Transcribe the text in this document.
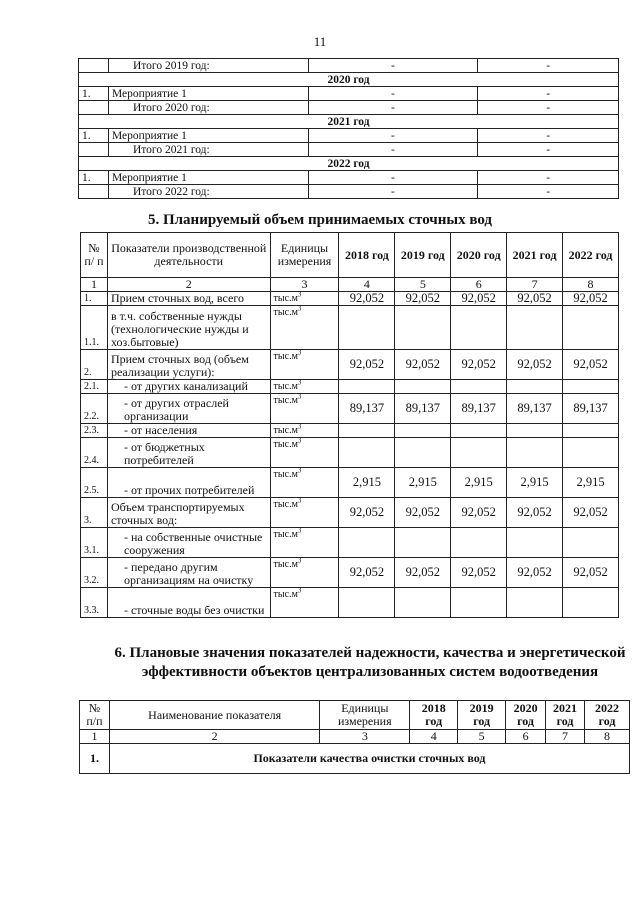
11
	Итого 2019 год:	-	-
2020 год			
1.	Мероприятие 1	-	-
	Итого 2020 год:	-	-
2021 год			
1.	Мероприятие 1	-	-
	Итого 2021 год:	-	-
2022 год			
1.	Мероприятие 1	-	-
	Итого 2022 год:	-	-
5. Планируемый объем принимаемых сточных вод
№ п/ п	Показатели производственной деятельности	Единицы измерения	2018 год	2019 год	2020 год	2021 год	2022 год
1	2	3	4	5	6	7	8
1.	Прием сточных вод, всего	$тыс.м^3$	92,052	92,052	92,052	92,052	92,052
1.1.	в т.ч. собственные нужды (технологические нужды и хоз.бытовые)	$тыс.м^3$					
2.	Прием сточных вод (объем реализации услуги):	$тыс.м^3$	92,052	92,052	92,052	92,052	92,052
2.1.	- от других канализаций	$тыс.м^3$					
2.2.	- от других отраслей организации	$тыс.м^3$	89,137	89,137	89,137	89,137	89,137
2.3.	- от населения	$тыс.м^3$					
2.4.	- от бюджетных потребителей	$тыс.м^3$					
2.5.	- от прочих потребителей	$тыс.м^3$	2,915	2,915	2,915	2,915	2,915
3.	Объем транспортируемых сточных вод:	$тыс.м^3$	92,052	92,052	92,052	92,052	92,052
3.1.	- на собственные очистные сооружения	$тыс.м^3$					
3.2.	- передано другим организациям на очистку	$тыс.м^3$	92,052	92,052	92,052	92,052	92,052
3.3.	- сточные воды без очистки	$тыс.м^3$					
6. Плановые значения показателей надежности, качества и энергетической эффективности объектов централизованных систем водоотведения
№ п/п	Наименование показателя	Единицы измерения	2018 год	2019 год	2020 год	2021 год	2022 год
1	2	3	4	5	6	7	8
1.	Показатели качества очистки сточных вод						
